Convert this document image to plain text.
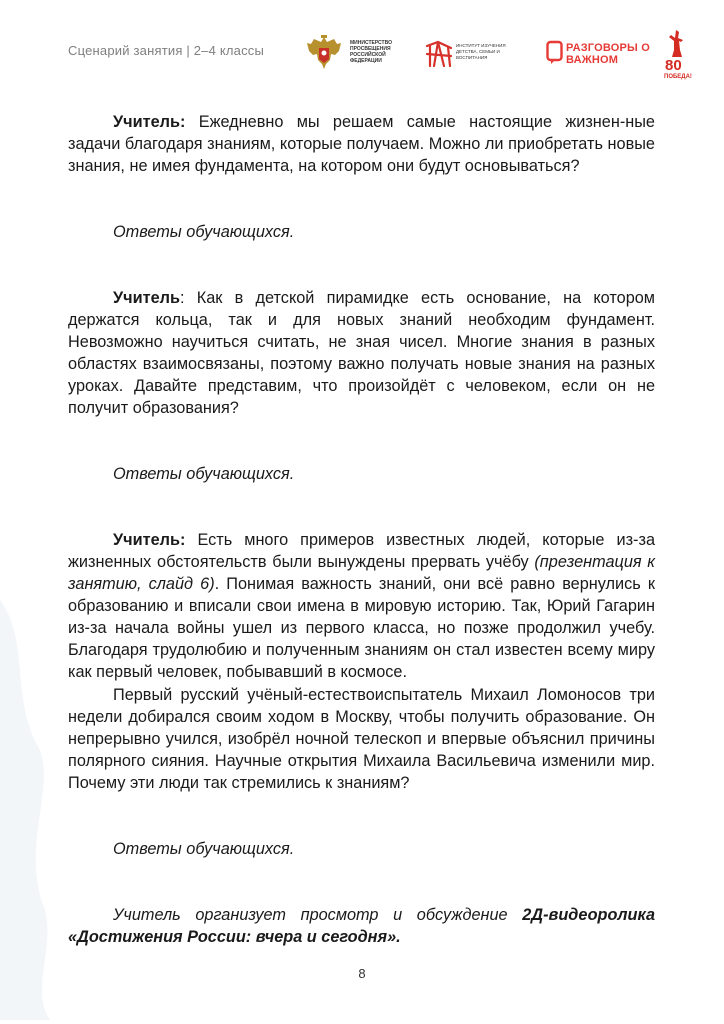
Сценарий занятия | 2–4 классы	МИНИСТЕРСТВО ПРОСВЕЩЕНИЯ РОССИЙСКОЙ ФЕДЕРАЦИИ
ИНСТИТУТ ИЗУЧЕНИЯ ДЕТСТВА, СЕМЬИ И ВОСПИТАНИЯ
РАЗГОВОРЫ О ВАЖНОМ	80
ПОБЕДА!

Учитель: Ежедневно мы решаем самые настоящие жизнен-ные задачи благодаря знаниям, которые получаем. Можно ли приобретать новые знания, не имея фундамента, на котором они будут основываться?

Ответы обучающихся.

Учитель: Как в детской пирамидке есть основание, на котором держатся кольца, так и для новых знаний необходим фундамент. Невозможно научиться считать, не зная чисел. Многие знания в разных областях взаимосвязаны, поэтому важно получать новые знания на разных уроках. Давайте представим, что произойдёт с человеком, если он не получит образования?

Ответы обучающихся.

Учитель: Есть много примеров известных людей, которые из-за жизненных обстоятельств были вынуждены прервать учёбу (презентация к занятию, слайд 6). Понимая важность знаний, они всё равно вернулись к образованию и вписали свои имена в мировую историю. Так, Юрий Гагарин из-за начала войны ушел из первого класса, но позже продолжил учебу. Благодаря трудолюбию и полученным знаниям он стал известен всему миру как первый человек, побывавший в космосе.

Первый русский учёный-естествоиспытатель Михаил Ломоносов три недели добирался своим ходом в Москву, чтобы получить образование. Он непрерывно учился, изобрёл ночной телескоп и впервые объяснил причины полярного сияния. Научные открытия Михаила Васильевича изменили мир. Почему эти люди так стремились к знаниям?

Ответы обучающихся.

Учитель организует просмотр и обсуждение 2Д-видеоролика «Достижения России: вчера и сегодня».

8
